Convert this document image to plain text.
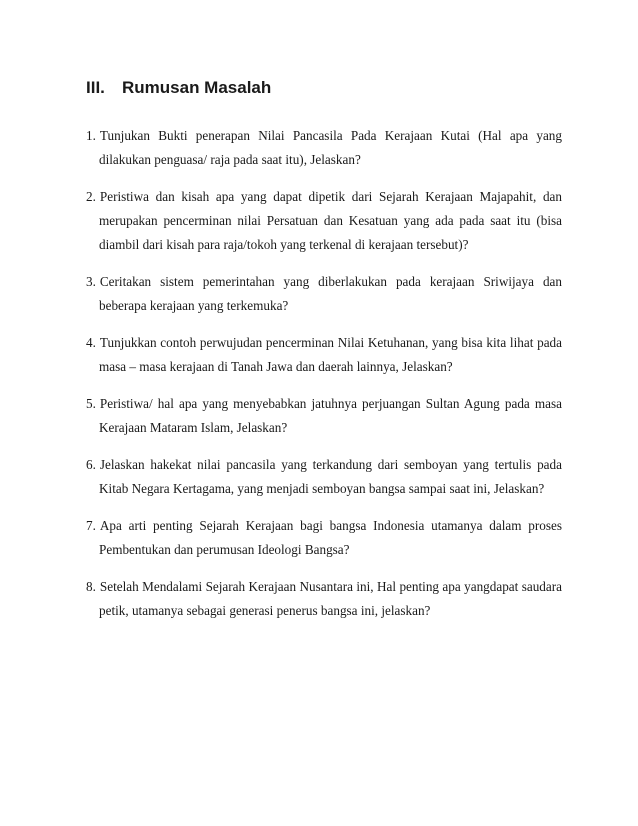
III. Rumusan Masalah
1. Tunjukan Bukti penerapan Nilai Pancasila Pada Kerajaan Kutai (Hal apa yang dilakukan penguasa/ raja pada saat itu), Jelaskan?
2. Peristiwa dan kisah apa yang dapat dipetik dari Sejarah Kerajaan Majapahit, dan merupakan pencerminan nilai Persatuan dan Kesatuan yang ada pada saat itu (bisa diambil dari kisah para raja/tokoh yang terkenal di kerajaan tersebut)?
3. Ceritakan sistem pemerintahan yang diberlakukan pada kerajaan Sriwijaya dan beberapa kerajaan yang terkemuka?
4. Tunjukkan contoh perwujudan pencerminan Nilai Ketuhanan, yang bisa kita lihat pada masa – masa kerajaan di Tanah Jawa dan daerah lainnya, Jelaskan?
5. Peristiwa/ hal apa yang menyebabkan jatuhnya perjuangan Sultan Agung pada masa Kerajaan Mataram Islam, Jelaskan?
6. Jelaskan hakekat nilai pancasila yang terkandung dari semboyan yang tertulis pada Kitab Negara Kertagama, yang menjadi semboyan bangsa sampai saat ini, Jelaskan?
7. Apa arti penting Sejarah Kerajaan bagi bangsa Indonesia utamanya dalam proses Pembentukan dan perumusan Ideologi Bangsa?
8. Setelah Mendalami Sejarah Kerajaan Nusantara ini, Hal penting apa yangdapat saudara petik, utamanya sebagai generasi penerus bangsa ini, jelaskan?
